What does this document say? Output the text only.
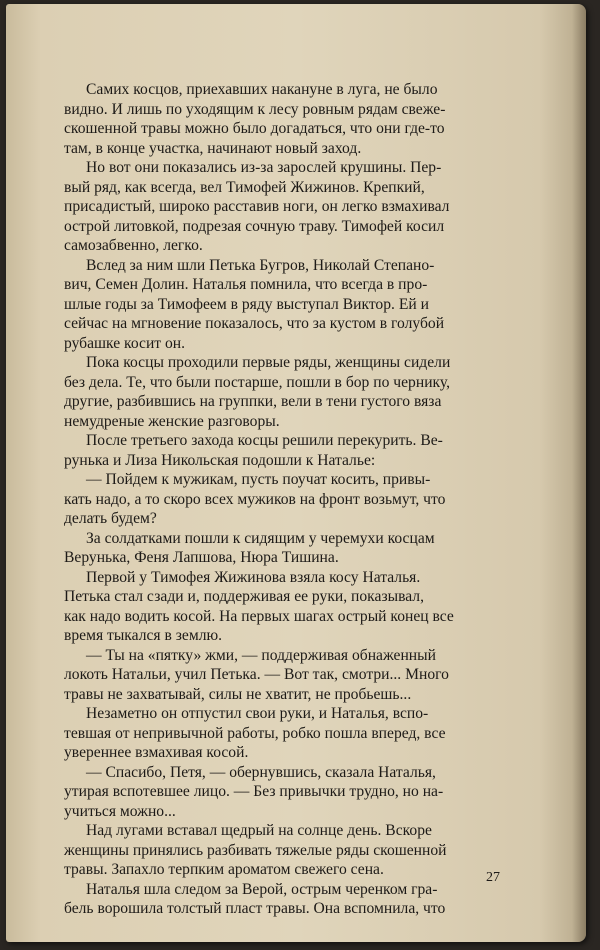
Самих косцов, приехавших накануне в луга, не было
видно. И лишь по уходящим к лесу ровным рядам свеже-
скошенной травы можно было догадаться, что они где-то
там, в конце участка, начинают новый заход.

Но вот они показались из-за зарослей крушины. Пер-
вый ряд, как всегда, вел Тимофей Жижинов. Крепкий,
присадистый, широко расставив ноги, он легко взмахивал
острой литовкой, подрезая сочную траву. Тимофей косил
самозабвенно, легко.

Вслед за ним шли Петька Бугров, Николай Степано-
вич, Семен Долин. Наталья помнила, что всегда в про-
шлые годы за Тимофеем в ряду выступал Виктор. Ей и
сейчас на мгновение показалось, что за кустом в голубой
рубашке косит он.

Пока косцы проходили первые ряды, женщины сидели
без дела. Те, что были постарше, пошли в бор по чернику,
другие, разбившись на группки, вели в тени густого вяза
немудреные женские разговоры.

После третьего захода косцы решили перекурить. Ве-
рунька и Лиза Никольская подошли к Наталье:

— Пойдем к мужикам, пусть поучат косить, привы-
кать надо, а то скоро всех мужиков на фронт возьмут, что
делать будем?

За солдатками пошли к сидящим у черемухи косцам
Верунька, Феня Лапшова, Нюра Тишина.

Первой у Тимофея Жижинова взяла косу Наталья.
Петька стал сзади и, поддерживая ее руки, показывал,
как надо водить косой. На первых шагах острый конец все
время тыкался в землю.

— Ты на «пятку» жми, — поддерживая обнаженный
локоть Натальи, учил Петька. — Вот так, смотри... Много
травы не захватывай, силы не хватит, не пробьешь...

Незаметно он отпустил свои руки, и Наталья, вспо-
тевшая от непривычной работы, робко пошла вперед, все
увереннее взмахивая косой.

— Спасибо, Петя, — обернувшись, сказала Наталья,
утирая вспотевшее лицо. — Без привычки трудно, но на-
учиться можно...

Над лугами вставал щедрый на солнце день. Вскоре
женщины принялись разбивать тяжелые ряды скошенной
травы. Запахло терпким ароматом свежего сена.

Наталья шла следом за Верой, острым черенком гра-
бель ворошила толстый пласт травы. Она вспомнила, что

27
